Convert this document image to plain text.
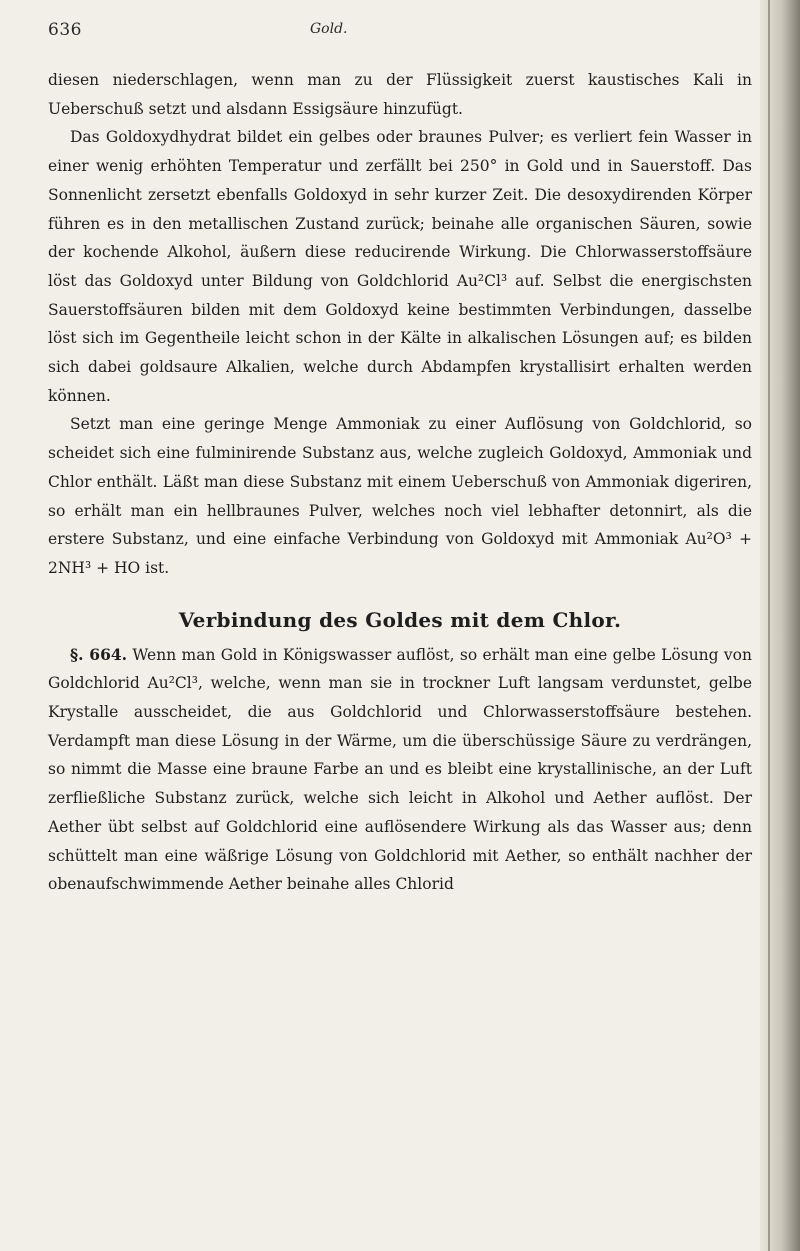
636	Gold.

diesen niederschlagen, wenn man zu der Flüssigkeit zuerst kaustisches Kali in Ueberschuß setzt und alsdann Essigsäure hinzufügt.

Das Goldoxydhydrat bildet ein gelbes oder braunes Pulver; es verliert fein Wasser in einer wenig erhöhten Temperatur und zerfällt bei 250° in Gold und in Sauerstoff. Das Sonnenlicht zersetzt ebenfalls Goldoxyd in sehr kurzer Zeit. Die desoxydirenden Körper führen es in den metallischen Zustand zurück; beinahe alle organischen Säuren, sowie der kochende Alkohol, äußern diese reducirende Wirkung. Die Chlorwasserstoffsäure löst das Goldoxyd unter Bildung von Goldchlorid Au²Cl³ auf. Selbst die energischsten Sauerstoffsäuren bilden mit dem Goldoxyd keine bestimmten Verbindungen, dasselbe löst sich im Gegentheile leicht schon in der Kälte in alkalischen Lösungen auf; es bilden sich dabei goldsaure Alkalien, welche durch Abdampfen krystallisirt erhalten werden können.

Setzt man eine geringe Menge Ammoniak zu einer Auflösung von Goldchlorid, so scheidet sich eine fulminirende Substanz aus, welche zugleich Goldoxyd, Ammoniak und Chlor enthält. Läßt man diese Substanz mit einem Ueberschuß von Ammoniak digeriren, so erhält man ein hellbraunes Pulver, welches noch viel lebhafter detonnirt, als die erstere Substanz, und eine einfache Verbindung von Goldoxyd mit Ammoniak Au²O³ + 2NH³ + HO ist.

Verbindung des Goldes mit dem Chlor.

§. 664. Wenn man Gold in Königswasser auflöst, so erhält man eine gelbe Lösung von Goldchlorid Au²Cl³, welche, wenn man sie in trockner Luft langsam verdunstet, gelbe Krystalle ausscheidet, die aus Goldchlorid und Chlorwasserstoffsäure bestehen. Verdampft man diese Lösung in der Wärme, um die überschüssige Säure zu verdrängen, so nimmt die Masse eine braune Farbe an und es bleibt eine krystallinische, an der Luft zerfließliche Substanz zurück, welche sich leicht in Alkohol und Aether auflöst. Der Aether übt selbst auf Goldchlorid eine auflösendere Wirkung als das Wasser aus; denn schüttelt man eine wäßrige Lösung von Goldchlorid mit Aether, so enthält nachher der obenaufschwimmende Aether beinahe alles Chlorid
